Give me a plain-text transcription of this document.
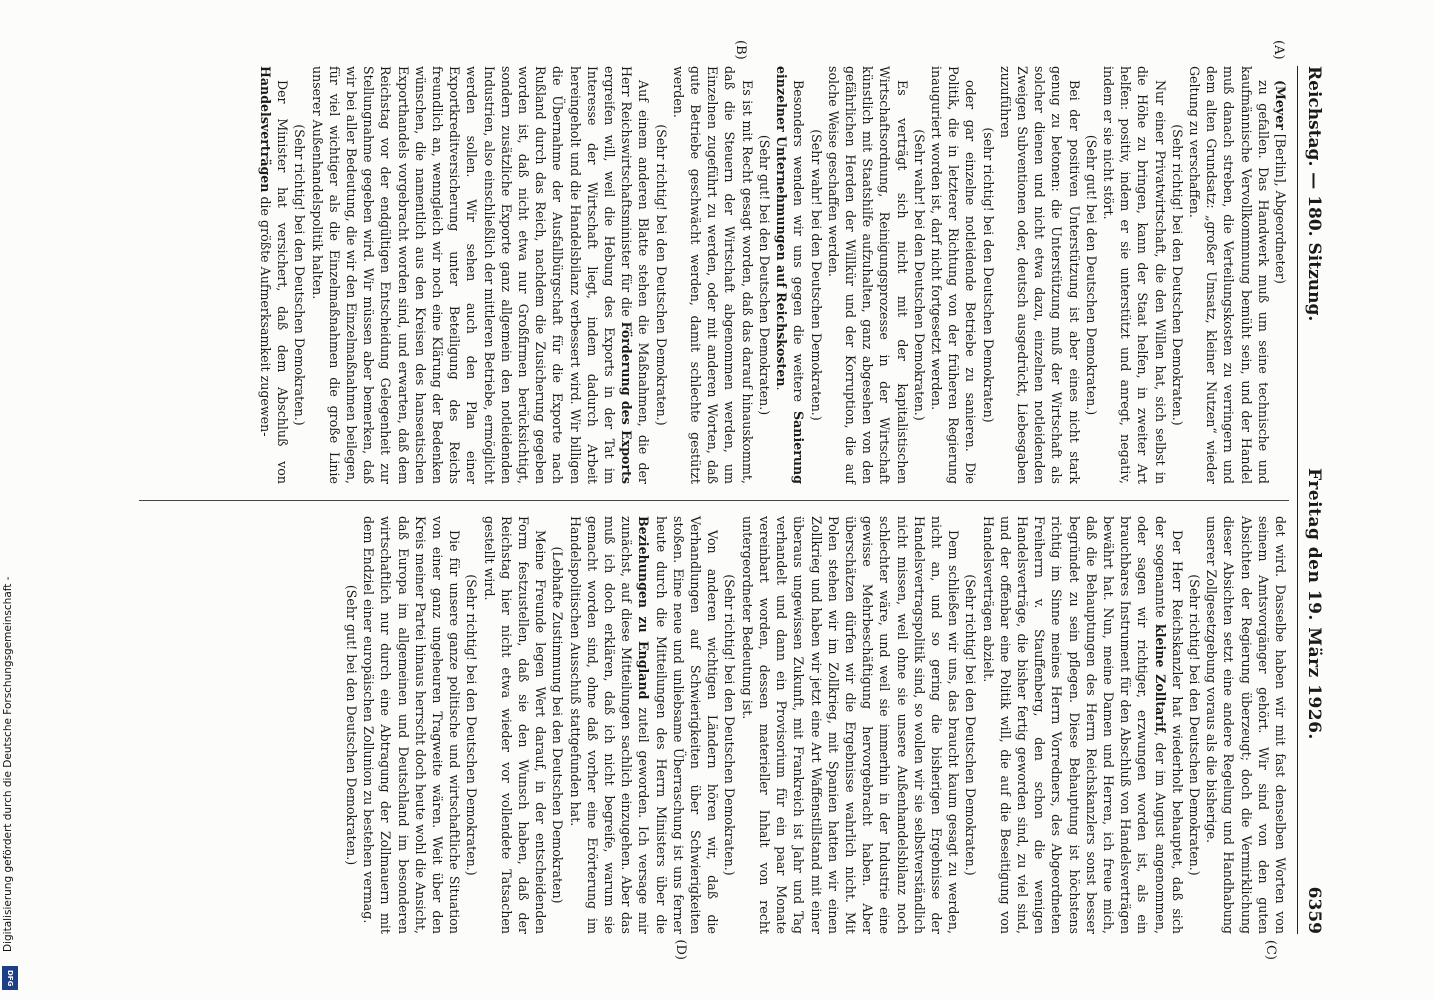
Reichstag. — 180. Sitzung.
Freitag den 19. März 1926.
6359
(A)
(B)

(Meyer [Berlin], Abgeordneter)

zu gefallen. Das Handwerk muß um seine technische und kaufmännische Vervollkommnung bemüht sein, und der Handel muß danach streben, die Verteilungskosten zu verringern und dem alten Grundsatz: „großer Umsatz, kleiner Nutzen“ wieder Geltung zu verschaffen.

(Sehr richtig! bei den Deutschen Demokraten.)

Nur einer Privatwirtschaft, die den Willen hat, sich selbst in die Höhe zu bringen, kann der Staat helfen, in zweiter Art helfen: positiv, indem er sie unterstützt und anregt, negativ, indem er sie nicht stört.

(Sehr gut! bei den Deutschen Demokraten.)

Bei der positiven Unterstützung ist aber eines nicht stark genug zu betonen: die Unterstützung muß der Wirtschaft als solcher dienen und nicht etwa dazu, einzelnen notleidenden Zweigen Subventionen oder, deutsch ausgedrückt, Liebesgaben zuzuführen

(sehr richtig! bei den Deutschen Demokraten)

oder gar einzelne notleidende Betriebe zu sanieren. Die Politik, die in letzterer Richtung von der früheren Regierung inauguriert worden ist, darf nicht fortgesetzt werden.

(Sehr wahr! bei den Deutschen Demokraten.)

Es verträgt sich nicht mit der kapitalistischen Wirtschaftsordnung, Reinigungsprozesse in der Wirtschaft künstlich mit Staatshilfe aufzuhalten, ganz abgesehen von den gefährlichen Herden der Willkür und der Korruption, die auf solche Weise geschaffen werden.

(Sehr wahr! bei den Deutschen Demokraten.)

Besonders wenden wir uns gegen die weitere Sanierung einzelner Unternehmungen auf Reichskosten.

(Sehr gut! bei den Deutschen Demokraten.)

Es ist mit Recht gesagt worden, daß das darauf hinauskommt, daß die Steuern der Wirtschaft abgenommen werden, um Einzelnen zugeführt zu werden, oder mit anderen Worten, daß gute Betriebe geschwächt werden, damit schlechte gestützt werden.

(Sehr richtig! bei den Deutschen Demokraten.)

Auf einem anderen Blatte stehen die Maßnahmen, die der Herr Reichswirtschaftsminister für die Förderung des Exports ergreifen will, weil die Hebung des Exports in der Tat im Interesse der Wirtschaft liegt, indem dadurch Arbeit hereingeholt und die Handelsbilanz verbessert wird. Wir billigen die Übernahme der Ausfallbürgschaft für die Exporte nach Rußland durch das Reich, nachdem die Zusicherung gegeben worden ist, daß nicht etwa nur Großfirmen berücksichtigt, sondern zusätzliche Exporte ganz allgemein den notleidenden Industrien, also einschließlich der mittleren Betriebe, ermöglicht werden sollen. Wir sehen auch den Plan einer Exportkreditversicherung unter Beteiligung des Reichs freundlich an, wenngleich wir noch eine Klärung der Bedenken wünschen, die namentlich aus den Kreisen des hanseatischen Exporthandels vorgebracht worden sind, und erwarten, daß dem Reichstag vor der endgültigen Entscheidung Gelegenheit zur Stellungnahme gegeben wird. Wir müssen aber bemerken, daß wir bei aller Bedeutung, die wir den Einzelmaßnahmen beilegen, für viel wichtiger als die Einzelmaßnahmen die große Linie unserer Außenhandelspolitik halten.

(Sehr richtig! bei den Deutschen Demokraten.)

Der Minister hat versichert, daß dem Abschluß von Handelsverträgen die größte Aufmerksamkeit zugewen-

(C)
(D)

det wird. Dasselbe haben wir mit fast denselben Worten von seinem Amtsvorgänger gehört. Wir sind von den guten Absichten der Regierung überzeugt; doch die Vermirklichung dieser Absichten setzt eine andere Regelung und Handhabung unserer Zollgesetzgebung voraus als die bisherige.

(Sehr richtig! bei den Deutschen Demokraten.)

Der Herr Reichskanzler hat wiederholt behauptet, daß sich der sogenannte kleine Zolltarif, der im August angenommen, oder sagen wir richtiger, erzwungen worden ist, als ein brauchbares Instrument für den Abschluß von Handelsverträgen bewährt hat. Nun, meine Damen und Herren, ich freue mich, daß die Behauptungen des Herrn Reichskanzlers sonst besser begründet zu sein pflegen. Diese Behauptung ist höchstens richtig im Sinne meines Herrn Vorredners, des Abgeordneten Freiherrn v. Stauffenberg, den schon die wenigen Handelsverträge, die bisher fertig geworden sind, zu viel sind, und der offenbar eine Politik will, die auf die Beseitigung von Handelsverträgen abzielt.

(Sehr richtig! bei den Deutschen Demokraten.)

Dem schließen wir uns, das braucht kaum gesagt zu werden, nicht an, und so gering die bisherigen Ergebnisse der Handelsvertragspolitik sind, so wollen wir sie selbstverständlich nicht missen, weil ohne sie unsere Außenhandelsbilanz noch schlechter wäre, und weil sie immerhin in der Industrie eine gewisse Mehrbeschäftigung hervorgebracht haben. Aber überschätzen dürfen wir die Ergebnisse wahrlich nicht. Mit Polen stehen wir im Zollkrieg, mit Spanien hatten wir einen Zollkrieg und haben wir jetzt eine Art Waffenstillstand mit einer überaus ungewissen Zukunft, mit Frankreich ist Jahr und Tag verhandelt und dann ein Provisorium für ein paar Monate vereinbart worden, dessen materieller Inhalt von recht untergeordneter Bedeutung ist.

(Sehr richtig! bei den Deutschen Demokraten.)

Von anderen wichtigen Ländern hören wir, daß die Verhandlungen auf Schwierigkeiten über Schwierigkeiten stoßen. Eine neue und unliebsame Überraschung ist uns ferner heute durch die Mitteilungen des Herrn Ministers über die Beziehungen zu England zuteil geworden. Ich versage mir zunächst, auf diese Mitteilungen sachlich einzugehen. Aber das muß ich doch erklären, daß ich nicht begreife, warum sie gemacht worden sind, ohne daß vorher eine Erörterung im Handelspolitischen Ausschuß stattgefunden hat.

(Lebhafte Zustimmung bei den Deutschen Demokraten)

Meine Freunde legen Wert darauf, in der entscheidenden Form festzustellen, daß sie den Wunsch haben, daß der Reichstag hier nicht etwa wieder vor vollendete Tatsachen gestellt wird.

(Sehr richtig! bei den Deutschen Demokraten.)

Die für unsere ganze politische und wirtschaftliche Situation von einer ganz ungeheuren Tragweite wären. Weit über den Kreis meiner Partei hinaus herrscht doch heute wohl die Ansicht, daß Europa im allgemeinen und Deutschland im besonderen wirtschaftlich nur durch eine Abtragung der Zollmauern mit dem Endziel einer europäischen Zollunion zu bestehen vermag.

(Sehr gut! bei den Deutschen Demokraten.)

Digitalisierung gefördert durch die Deutsche Forschungsgemeinschaft -
DFG
